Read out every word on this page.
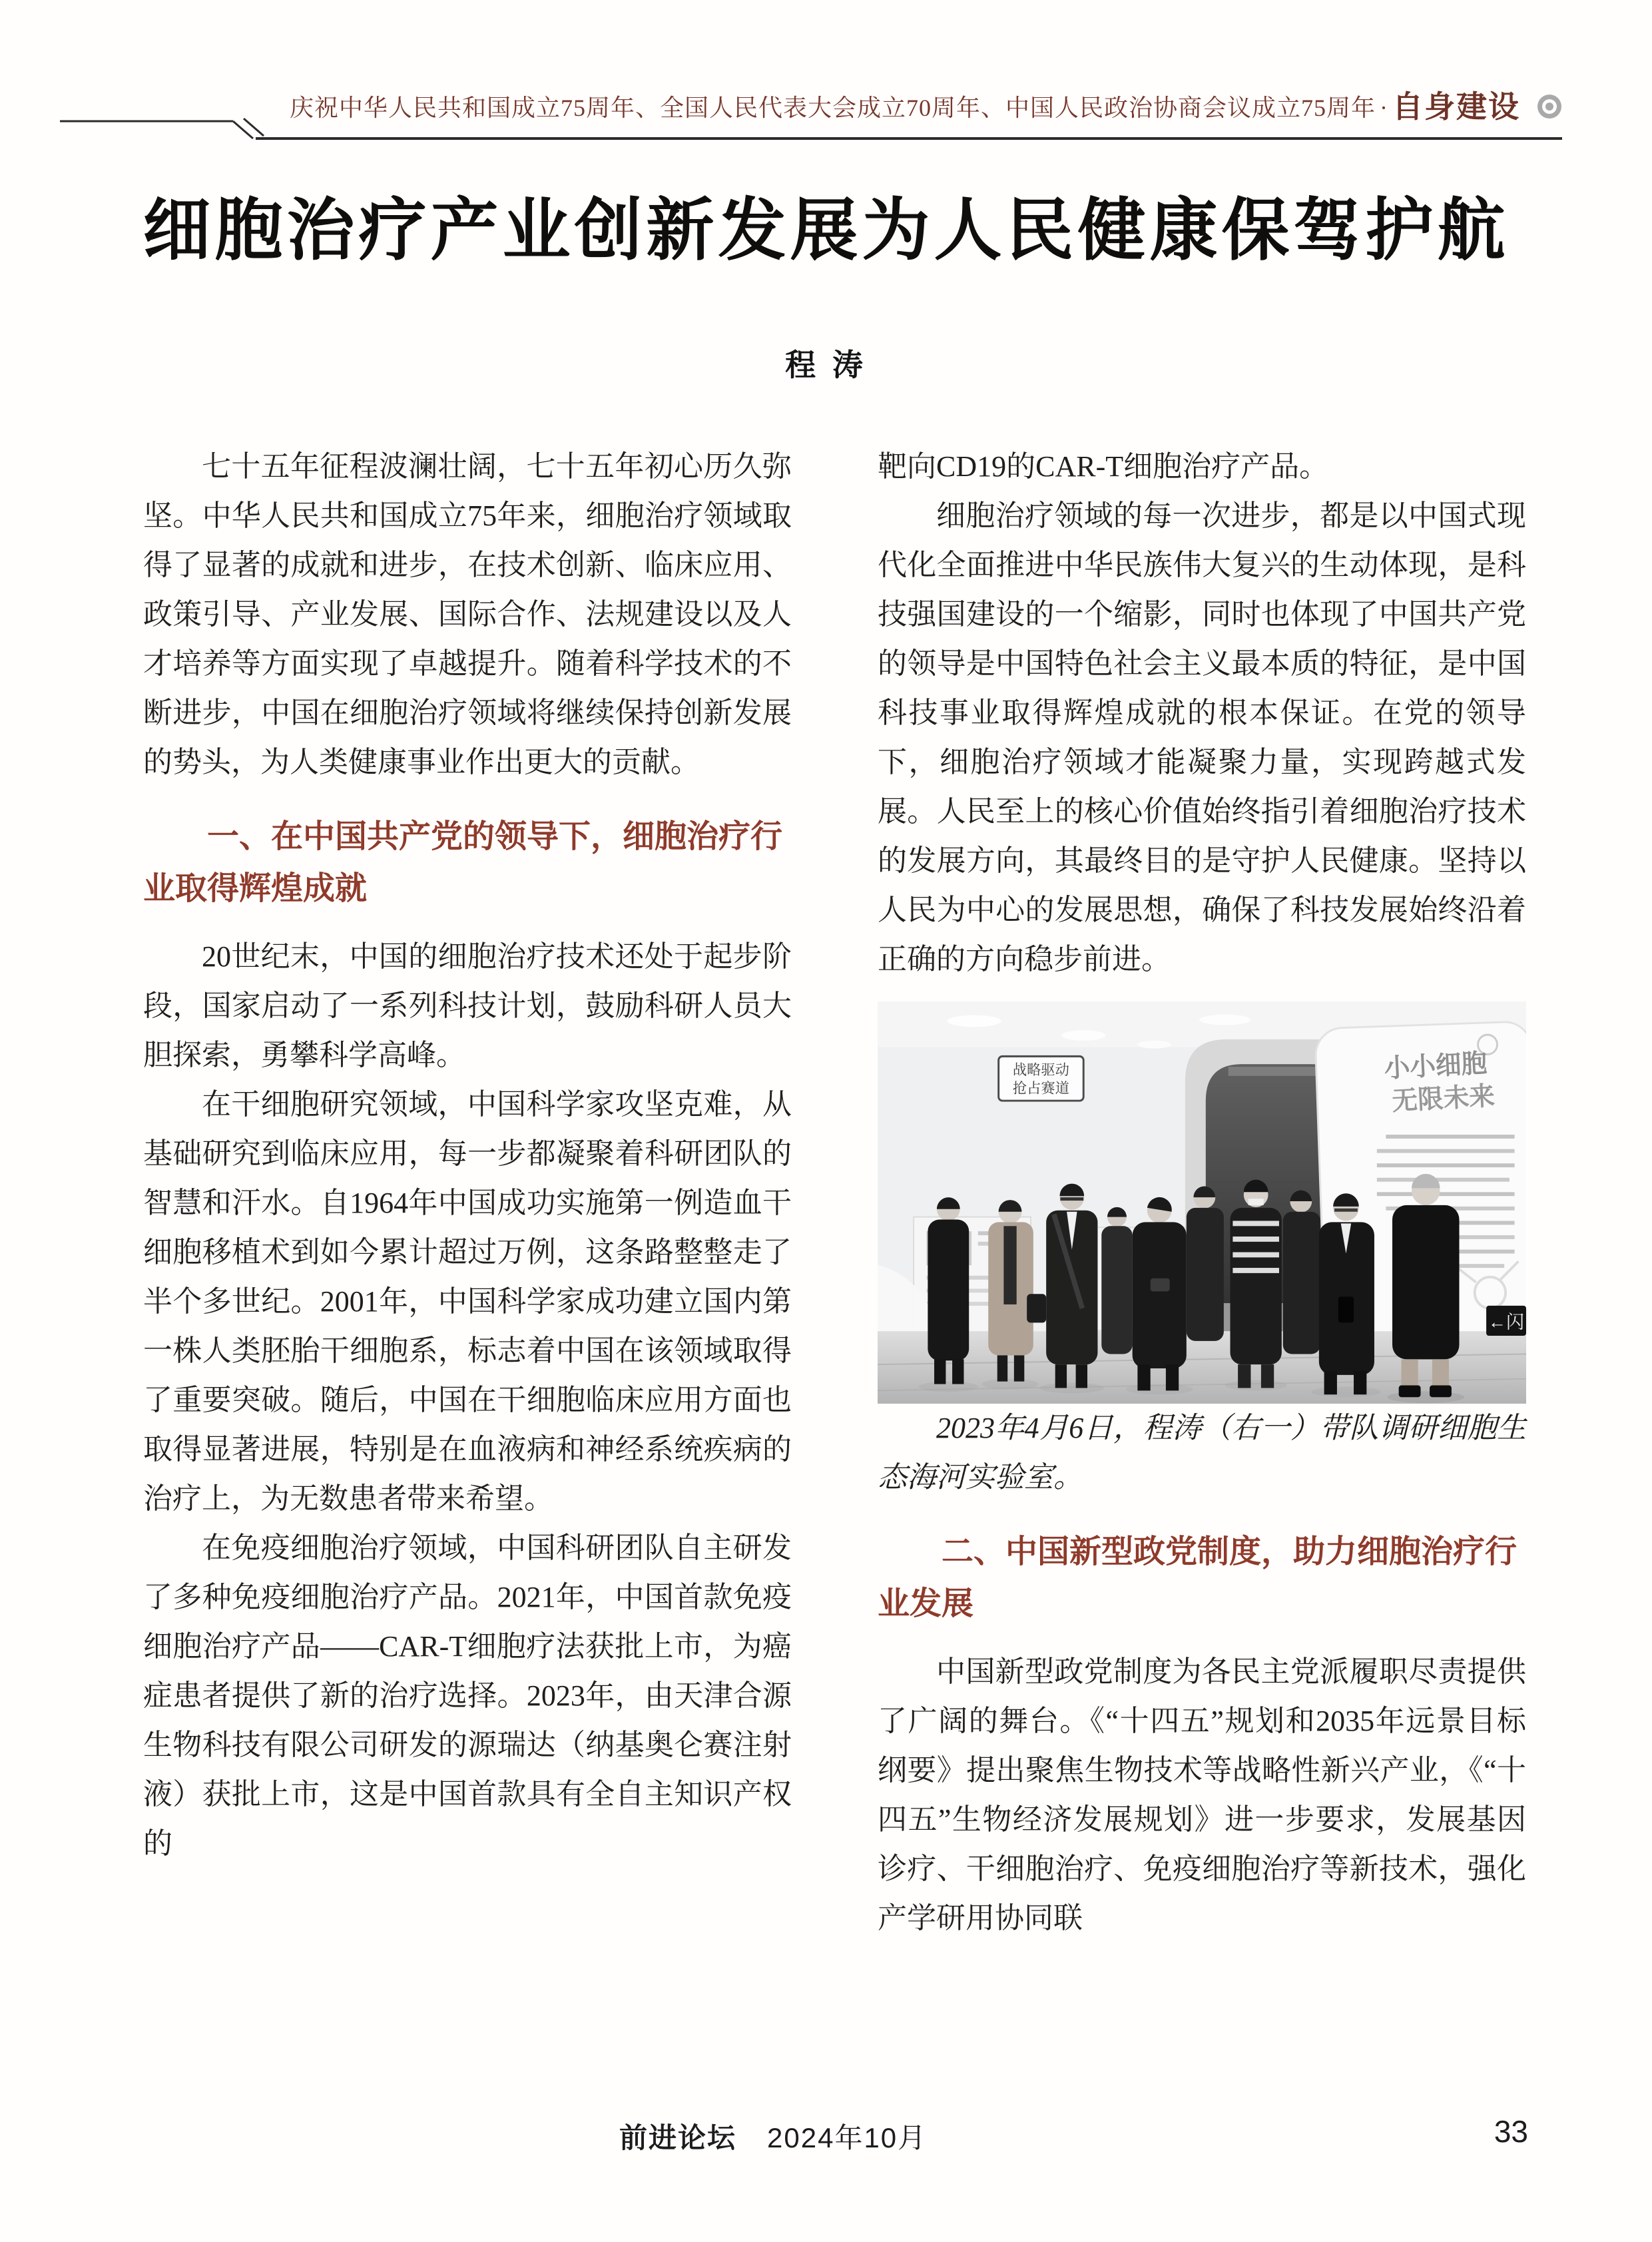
庆祝中华人民共和国成立75周年、全国人民代表大会成立70周年、中国人民政治协商会议成立75周年 · 自身建设
细胞治疗产业创新发展为人民健康保驾护航
程 涛

七十五年征程波澜壮阔，七十五年初心历久弥坚。中华人民共和国成立75年来，细胞治疗领域取得了显著的成就和进步，在技术创新、临床应用、政策引导、产业发展、国际合作、法规建设以及人才培养等方面实现了卓越提升。随着科学技术的不断进步，中国在细胞治疗领域将继续保持创新发展的势头，为人类健康事业作出更大的贡献。

一、在中国共产党的领导下，细胞治疗行业取得辉煌成就

20世纪末，中国的细胞治疗技术还处于起步阶段，国家启动了一系列科技计划，鼓励科研人员大胆探索，勇攀科学高峰。

在干细胞研究领域，中国科学家攻坚克难，从基础研究到临床应用，每一步都凝聚着科研团队的智慧和汗水。自1964年中国成功实施第一例造血干细胞移植术到如今累计超过万例，这条路整整走了半个多世纪。2001年，中国科学家成功建立国内第一株人类胚胎干细胞系，标志着中国在该领域取得了重要突破。随后，中国在干细胞临床应用方面也取得显著进展，特别是在血液病和神经系统疾病的治疗上，为无数患者带来希望。

在免疫细胞治疗领域，中国科研团队自主研发了多种免疫细胞治疗产品。2021年，中国首款免疫细胞治疗产品——CAR-T细胞疗法获批上市，为癌症患者提供了新的治疗选择。2023年，由天津合源生物科技有限公司研发的源瑞达（纳基奥仑赛注射液）获批上市，这是中国首款具有全自主知识产权的

靶向CD19的CAR-T细胞治疗产品。

细胞治疗领域的每一次进步，都是以中国式现代化全面推进中华民族伟大复兴的生动体现，是科技强国建设的一个缩影，同时也体现了中国共产党的领导是中国特色社会主义最本质的特征，是中国科技事业取得辉煌成就的根本保证。在党的领导下，细胞治疗领域才能凝聚力量，实现跨越式发展。人民至上的核心价值始终指引着细胞治疗技术的发展方向，其最终目的是守护人民健康。坚持以人民为中心的发展思想，确保了科技发展始终沿着正确的方向稳步前进。

战略驱动
抢占赛道
小小细胞
无限未来
←闪

2023年4月6日，程涛（右一）带队调研细胞生态海河实验室。

二、中国新型政党制度，助力细胞治疗行业发展

中国新型政党制度为各民主党派履职尽责提供了广阔的舞台。《“十四五”规划和2035年远景目标纲要》提出聚焦生物技术等战略性新兴产业，《“十四五”生物经济发展规划》进一步要求，发展基因诊疗、干细胞治疗、免疫细胞治疗等新技术，强化产学研用协同联

前进论坛 2024年10月	33
